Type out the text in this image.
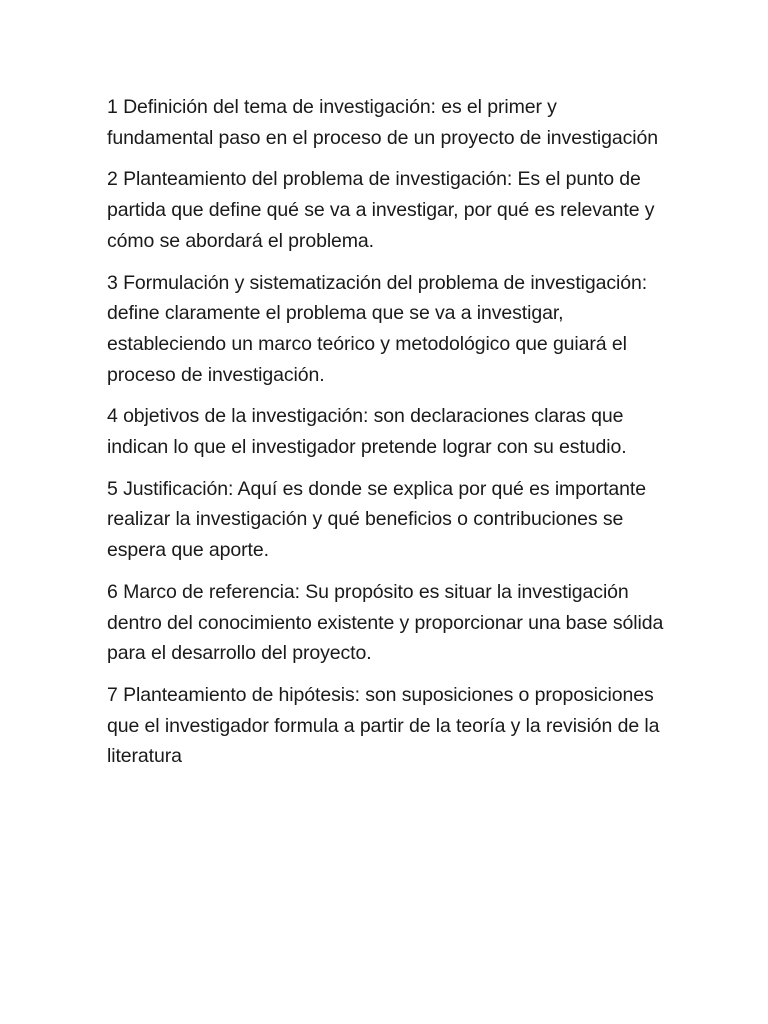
1 Definición del tema de investigación: es el primer y fundamental paso en el proceso de un proyecto de investigación

2 Planteamiento del problema de investigación: Es el punto de partida que define qué se va a investigar, por qué es relevante y cómo se abordará el problema.

3 Formulación y sistematización del problema de investigación: define claramente el problema que se va a investigar, estableciendo un marco teórico y metodológico que guiará el proceso de investigación.

4 objetivos de la investigación: son declaraciones claras que indican lo que el investigador pretende lograr con su estudio.

5 Justificación: Aquí es donde se explica por qué es importante realizar la investigación y qué beneficios o contribuciones se espera que aporte.

6 Marco de referencia: Su propósito es situar la investigación dentro del conocimiento existente y proporcionar una base sólida para el desarrollo del proyecto.

7 Planteamiento de hipótesis: son suposiciones o proposiciones que el investigador formula a partir de la teoría y la revisión de la literatura
